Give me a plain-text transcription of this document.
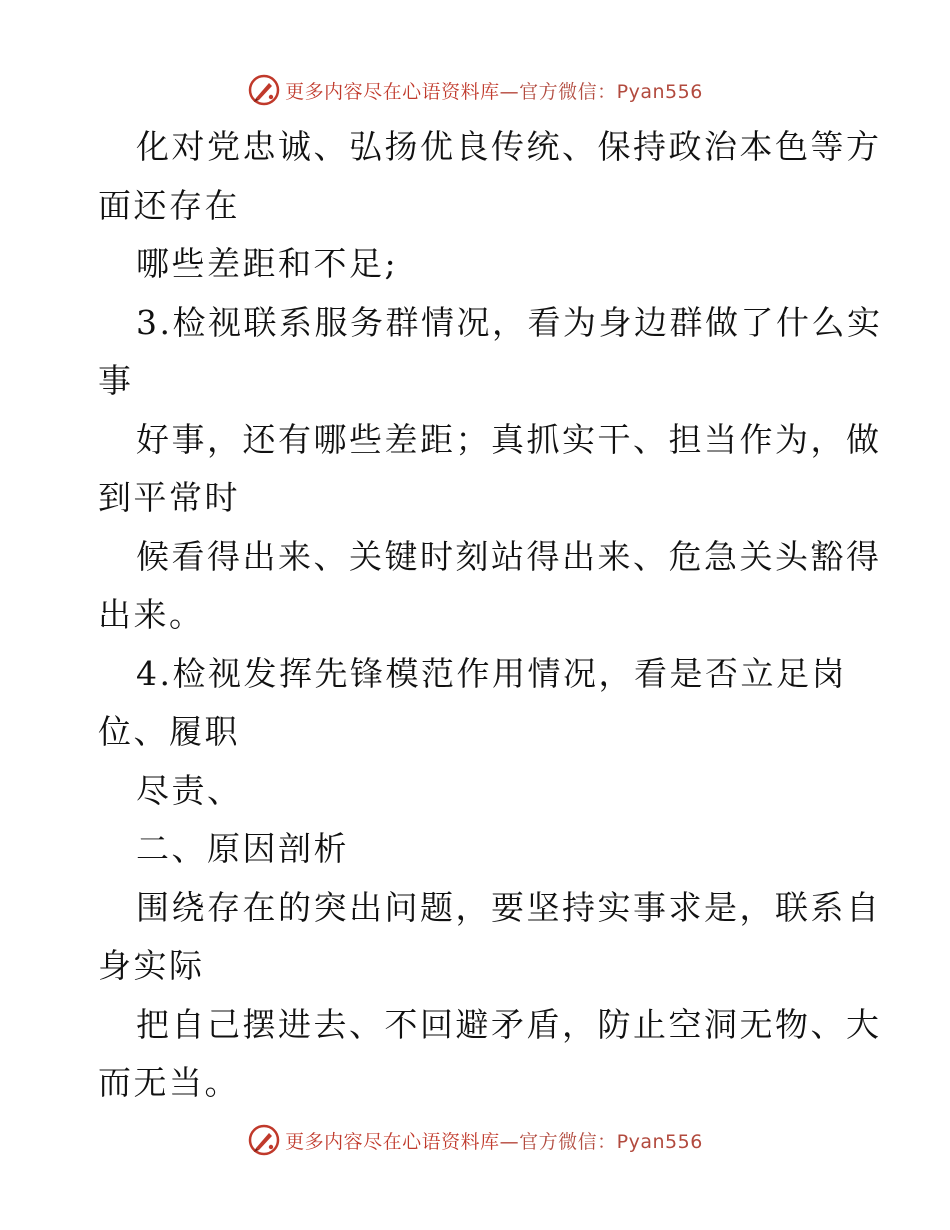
更多内容尽在心语资料库—官方微信：Pyan556
化对党忠诚、弘扬优良传统、保持政治本色等方
面还存在
哪些差距和不足;
3.检视联系服务群情况，看为身边群做了什么实
事
好事，还有哪些差距；真抓实干、担当作为，做
到平常时
候看得出来、关键时刻站得出来、危急关头豁得
出来。
4.检视发挥先锋模范作用情况，看是否立足岗
位、履职
尽责、
二、原因剖析
围绕存在的突出问题，要坚持实事求是，联系自
身实际
把自己摆进去、不回避矛盾，防止空洞无物、大
而无当。
更多内容尽在心语资料库—官方微信：Pyan556
